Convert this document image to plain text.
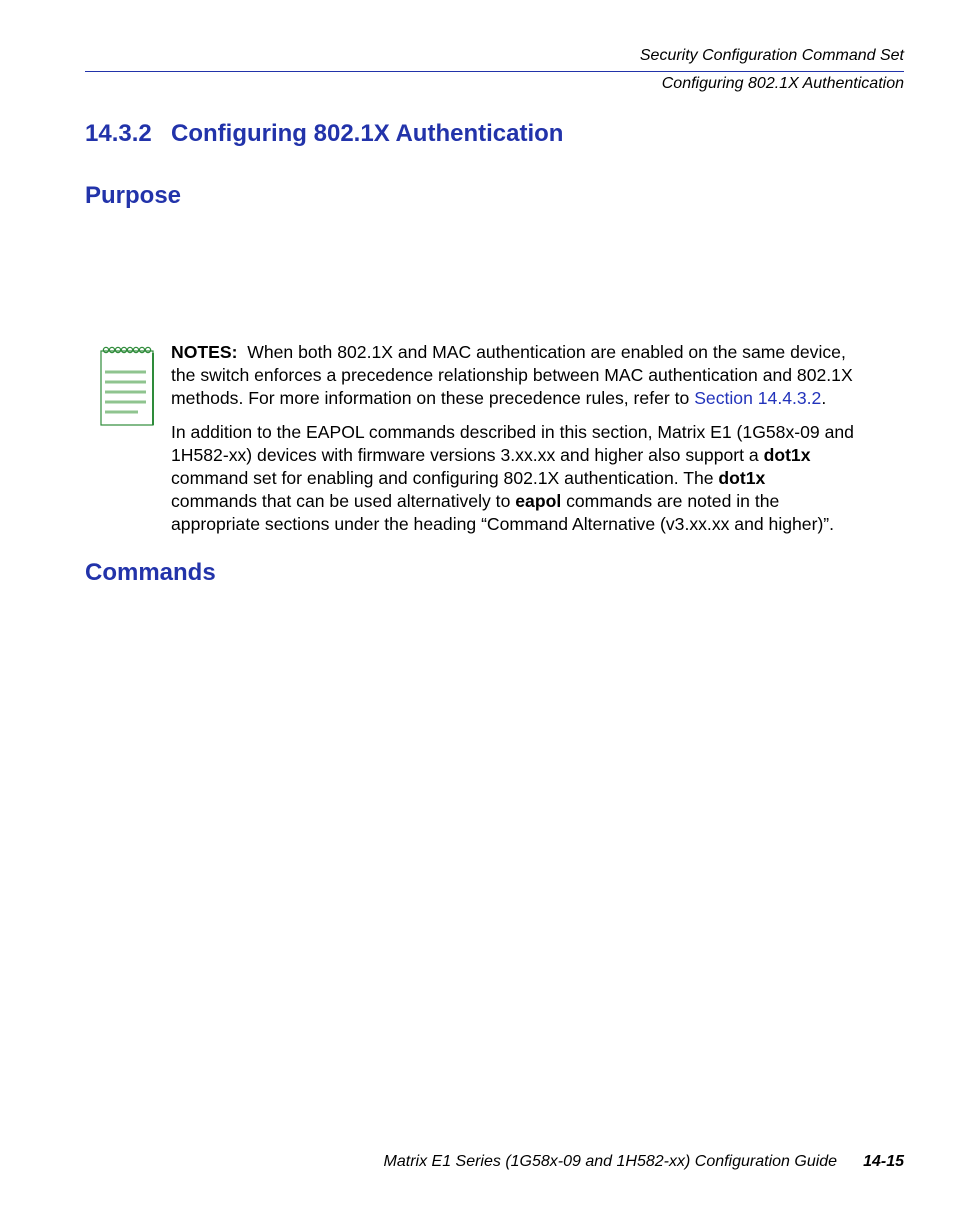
Security Configuration Command Set
Configuring 802.1X Authentication
14.3.2 Configuring 802.1X Authentication
Purpose

NOTES: When both 802.1X and MAC authentication are enabled on the same device,
the switch enforces a precedence relationship between MAC authentication and 802.1X
methods. For more information on these precedence rules, refer to Section 14.4.3.2.

In addition to the EAPOL commands described in this section, Matrix E1 (1G58x-09 and
1H582-xx) devices with firmware versions 3.xx.xx and higher also support a dot1x
command set for enabling and configuring 802.1X authentication. The dot1x
commands that can be used alternatively to eapol commands are noted in the
appropriate sections under the heading “Command Alternative (v3.xx.xx and higher)”.

Commands
Matrix E1 Series (1G58x-09 and 1H582-xx) Configuration Guide 14-15
